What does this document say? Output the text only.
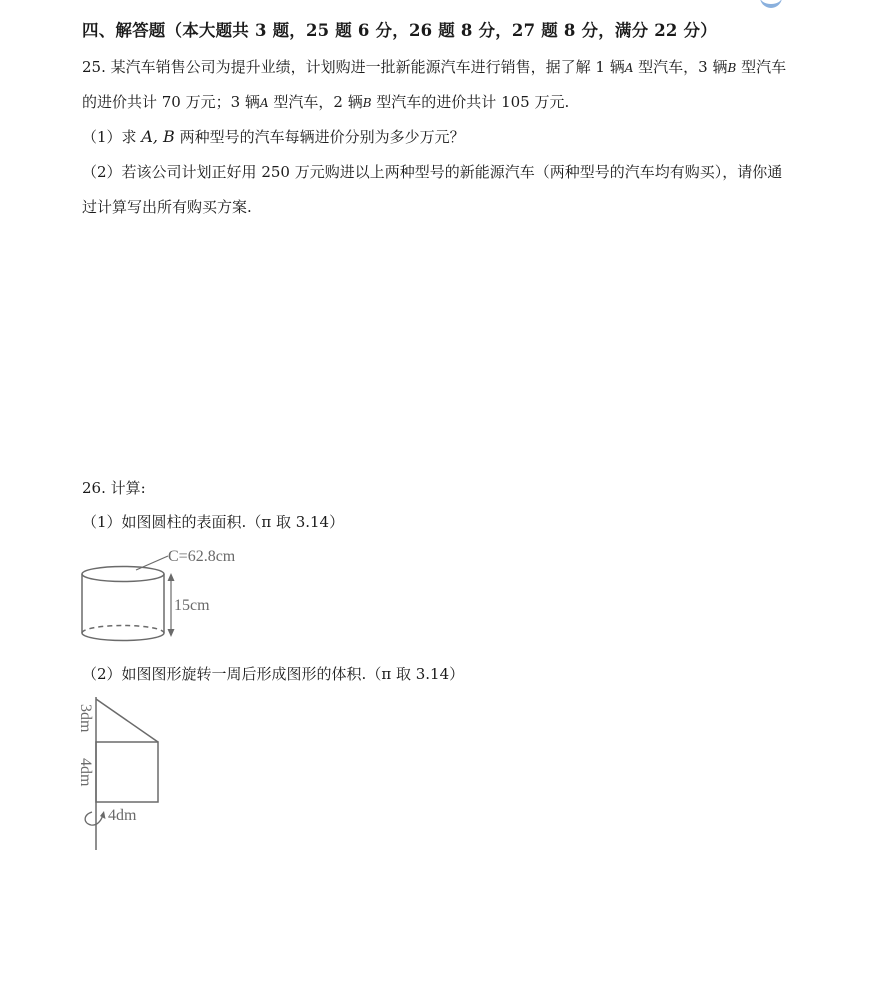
四、解答题（本大题共 3 题，25 题 6 分，26 题 8 分，27 题 8 分，满分 22 分）
25. 某汽车销售公司为提升业绩，计划购进一批新能源汽车进行销售，据了解 1 辆A 型汽车，3 辆B 型汽车
的进价共计 70 万元；3 辆A 型汽车，2 辆B 型汽车的进价共计 105 万元.
（1）求 A, B 两种型号的汽车每辆进价分别为多少万元？
（2）若该公司计划正好用 250 万元购进以上两种型号的新能源汽车（两种型号的汽车均有购买），请你通
过计算写出所有购买方案.
26. 计算:
（1）如图圆柱的表面积.（π 取 3.14）
C=62.8cm
15cm
（2）如图图形旋转一周后形成图形的体积.（π 取 3.14）
3dm
4dm
4dm
